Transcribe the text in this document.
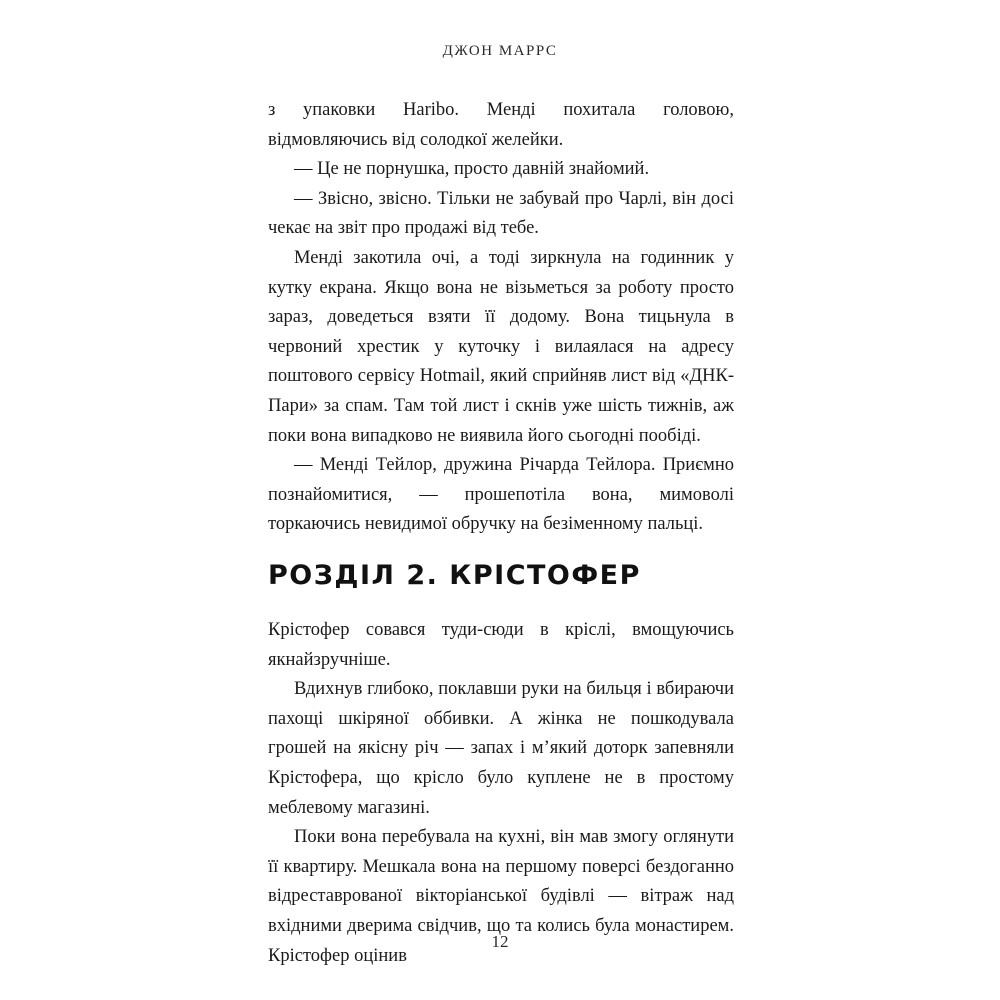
ДЖОН МАРРС

з упаковки Haribo. Менді похитала головою, відмовляючись від солодкої желейки.

— Це не порнушка, просто давній знайомий.

— Звісно, звісно. Тільки не забувай про Чарлі, він досі чекає на звіт про продажі від тебе.

Менді закотила очі, а тоді зиркнула на годинник у кутку екрана. Якщо вона не візьметься за роботу просто зараз, доведеться взяти її додому. Вона тицьнула в червоний хрестик у куточку і вилаялася на адресу поштового сервісу Hotmail, який сприйняв лист від «ДНК-Пари» за спам. Там той лист і скнів уже шість тижнів, аж поки вона випадково не виявила його сьогодні пообіді.

— Менді Тейлор, дружина Річарда Тейлора. Приємно познайомитися, — прошепотіла вона, мимоволі торкаючись невидимої обручку на безіменному пальці.

РОЗДІЛ 2. КРІСТОФЕР

Крістофер совався туди-сюди в кріслі, вмощуючись якнайзручніше.

Вдихнув глибоко, поклавши руки на бильця і вбираючи пахощі шкіряної оббивки. А жінка не пошкодувала грошей на якісну річ — запах і м’який доторк запевняли Крістофера, що крісло було куплене не в простому меблевому магазині.

Поки вона перебувала на кухні, він мав змогу оглянути її квартиру. Мешкала вона на першому поверсі бездоганно відреставрованої вікторіанської будівлі — вітраж над вхідними дверима свідчив, що та колись була монастирем. Крістофер оцінив

12
